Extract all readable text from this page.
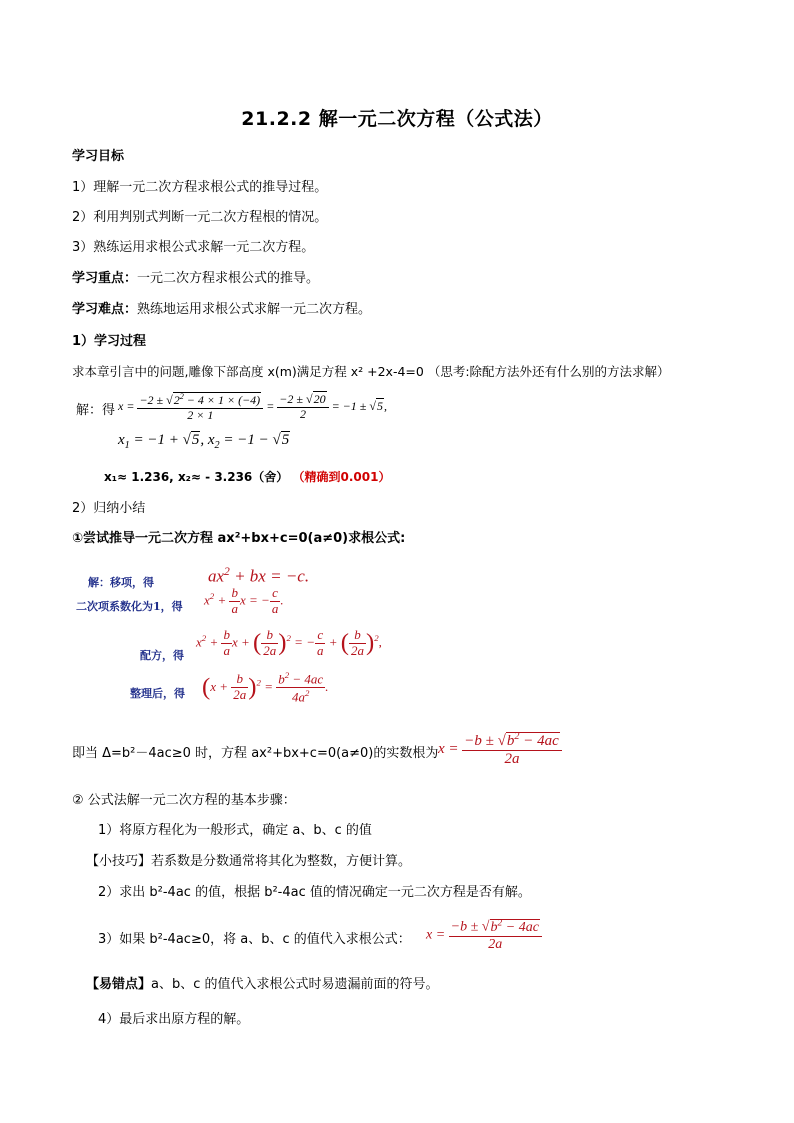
21.2.2 解一元二次方程（公式法）
学习目标
1）理解一元二次方程求根公式的推导过程。
2）利用判别式判断一元二次方程根的情况。
3）熟练运用求根公式求解一元二次方程。
学习重点：一元二次方程求根公式的推导。
学习难点：熟练地运用求根公式求解一元二次方程。
1）学习过程
求本章引言中的问题,雕像下部高度 x(m)满足方程 x² +2x-4=0 （思考:除配方法外还有什么别的方法求解）
解：得 $x = \frac{-2 \pm √2^2 - 4 \times 1 \times (-4)}{2 \times 1} = \frac{-2 \pm √20}{2} = -1 \pm √5$,
$x_1 = -1 + √5$, $x_2 = -1 - √5$
x₁≈ 1.236, x₂≈ - 3.236（舍） （精确到0.001）
2）归纳小结
①尝试推导一元二次方程 ax²+bx+c=0(a≠0)求根公式:
解：移项，得	$ax^2$ + bx = −c.
二次项系数化为1，得 $x^2 + \frac{b}{a}$ x = − $\frac{c}{a}$ .
配方，得
$x^2 + \frac{b}{a}$ x + ( $\frac{b}{2a} )^2$ = − $\frac{c}{a}$ + ( $\frac{b}{2a} )^2$,
整理后，得 $(x + \frac{b}{2a} )^2 = \frac{b^2 - 4ac}{4a^2}$ .
即当 Δ=b²－4ac≥0 时，方程 ax²+bx+c=0(a≠0)的实数根为 $x = \frac{-b \pm √b^2 - 4ac}{2a}$
② 公式法解一元二次方程的基本步骤：
1）将原方程化为一般形式，确定 a、b、c 的值
【小技巧】若系数是分数通常将其化为整数，方便计算。
2）求出 b²-4ac 的值，根据 b²-4ac 值的情况确定一元二次方程是否有解。
3）如果 b²-4ac≥0，将 a、b、c 的值代入求根公式： $x = \frac{-b \pm √b^2 - 4ac}{2a}$
【易错点】a、b、c 的值代入求根公式时易遗漏前面的符号。
4）最后求出原方程的解。
